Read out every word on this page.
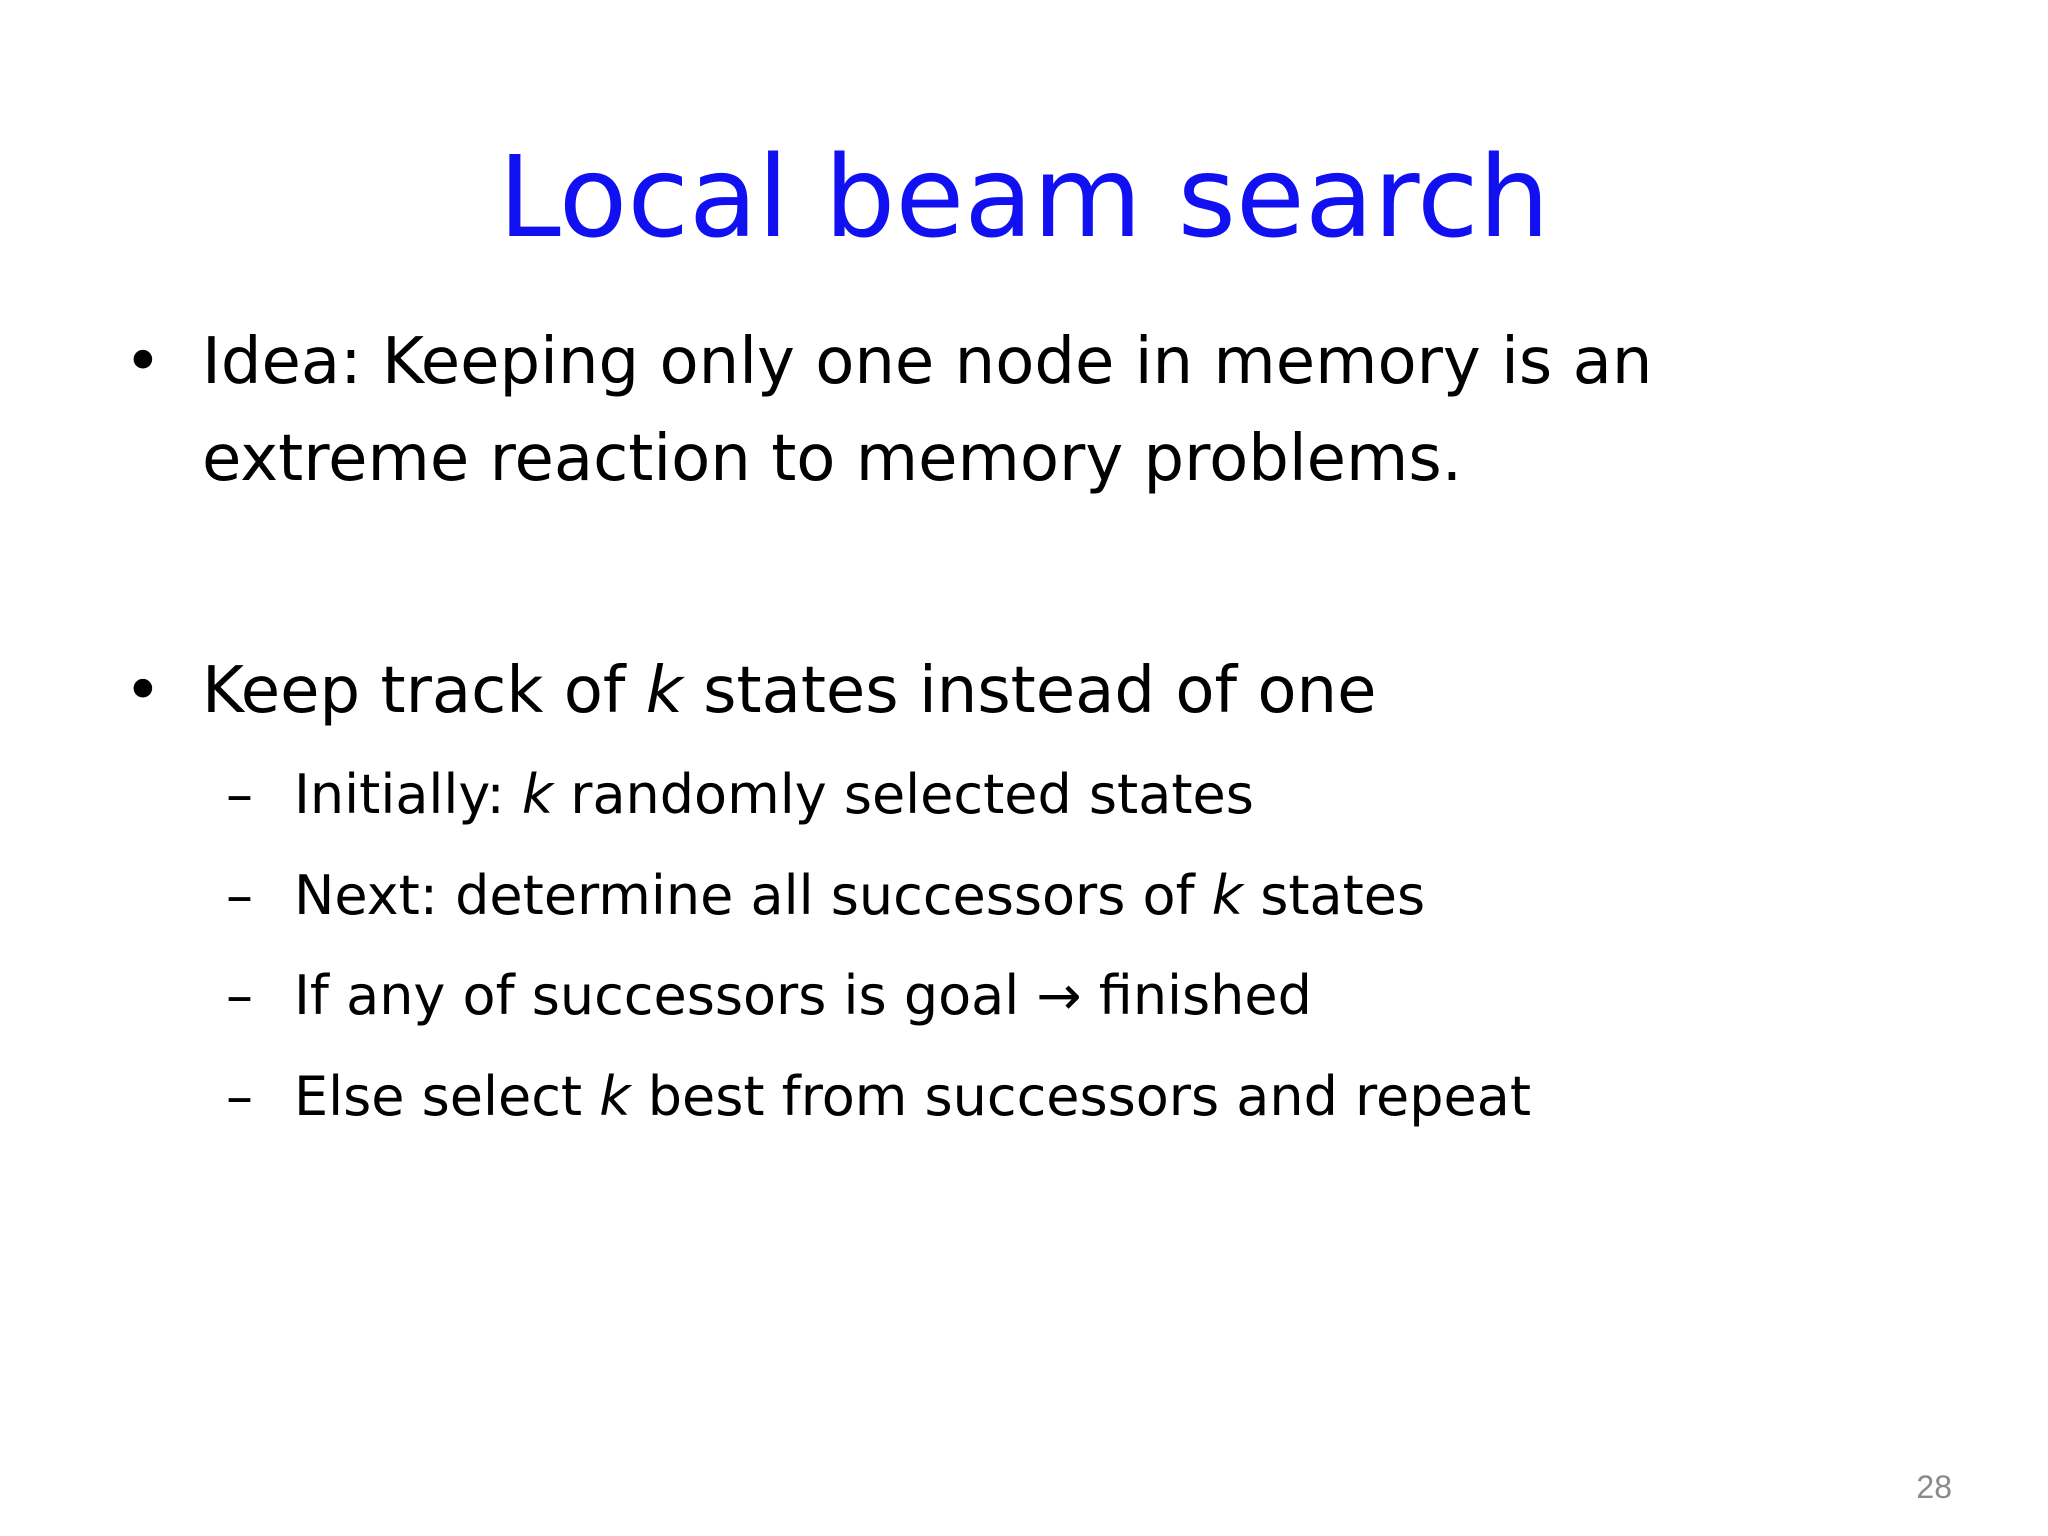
Local beam search
• Idea: Keeping only one node in memory is an
extreme reaction to memory problems.
• Keep track of k states instead of one
– Initially: k randomly selected states
– Next: determine all successors of k states
– If any of successors is goal → finished
– Else select k best from successors and repeat
28
